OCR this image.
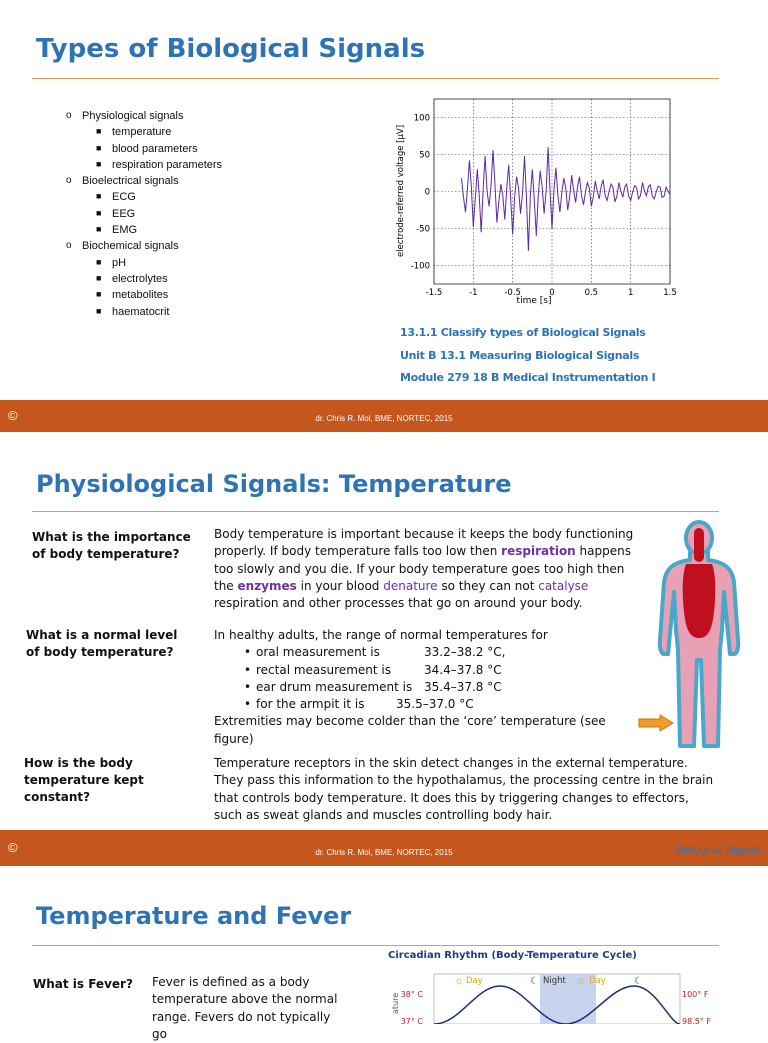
Types of Biological Signals
o Physiological signals
■ temperature
■ blood parameters
■ respiration parameters
o Bioelectrical signals
■ ECG
■ EEG
■ EMG
o Biochemical signals
■ pH
■ electrolytes
■ metabolites
■ haematocrit
-1.5	-1	-0.5	0	0.5	1	1.5
100
50
0
-50
-100
time [s]
electrode-referred voltage [µV]
13.1.1 Classify types of Biological Signals
Unit B 13.1 Measuring Biological Signals
Module 279 18 B Medical Instrumentation I
©	dr. Chris R. Mol, BME, NORTEC, 2015
Physiological Signals: Temperature
What is the importance of body temperature?
Body temperature is important because it keeps the body functioning properly. If body temperature falls too low then respiration happens too slowly and you die. If your body temperature goes too high then the enzymes in your blood denature so they can not catalyse respiration and other processes that go on around your body.
What is a normal level of body temperature?
In healthy adults, the range of normal temperatures for
• oral measurement is	33.2–38.2 °C,
• rectal measurement is	34.4–37.8 °C
• ear drum measurement is 35.4–37.8 °C
• for the armpit it is	35.5–37.0 °C
Extremities may become colder than the ‘core’ temperature (see figure)
How is the body temperature kept constant?
Temperature receptors in the skin detect changes in the external temperature. They pass this information to the hypothalamus, the processing centre in the brain that controls body temperature. It does this by triggering changes to effectors, such as sweat glands and muscles controlling body hair.
©	dr. Chris R. Mol, BME, NORTEC, 2015	Biological Signals
Temperature and Fever
What is Fever? Fever is defined as a body temperature above the normal range. Fevers do not typically go
Circadian Rhythm (Body-Temperature Cycle)
ature 38° C
37° C
100° F
98.5° F
☼ Day	☾ Night ☼ Day	☾
